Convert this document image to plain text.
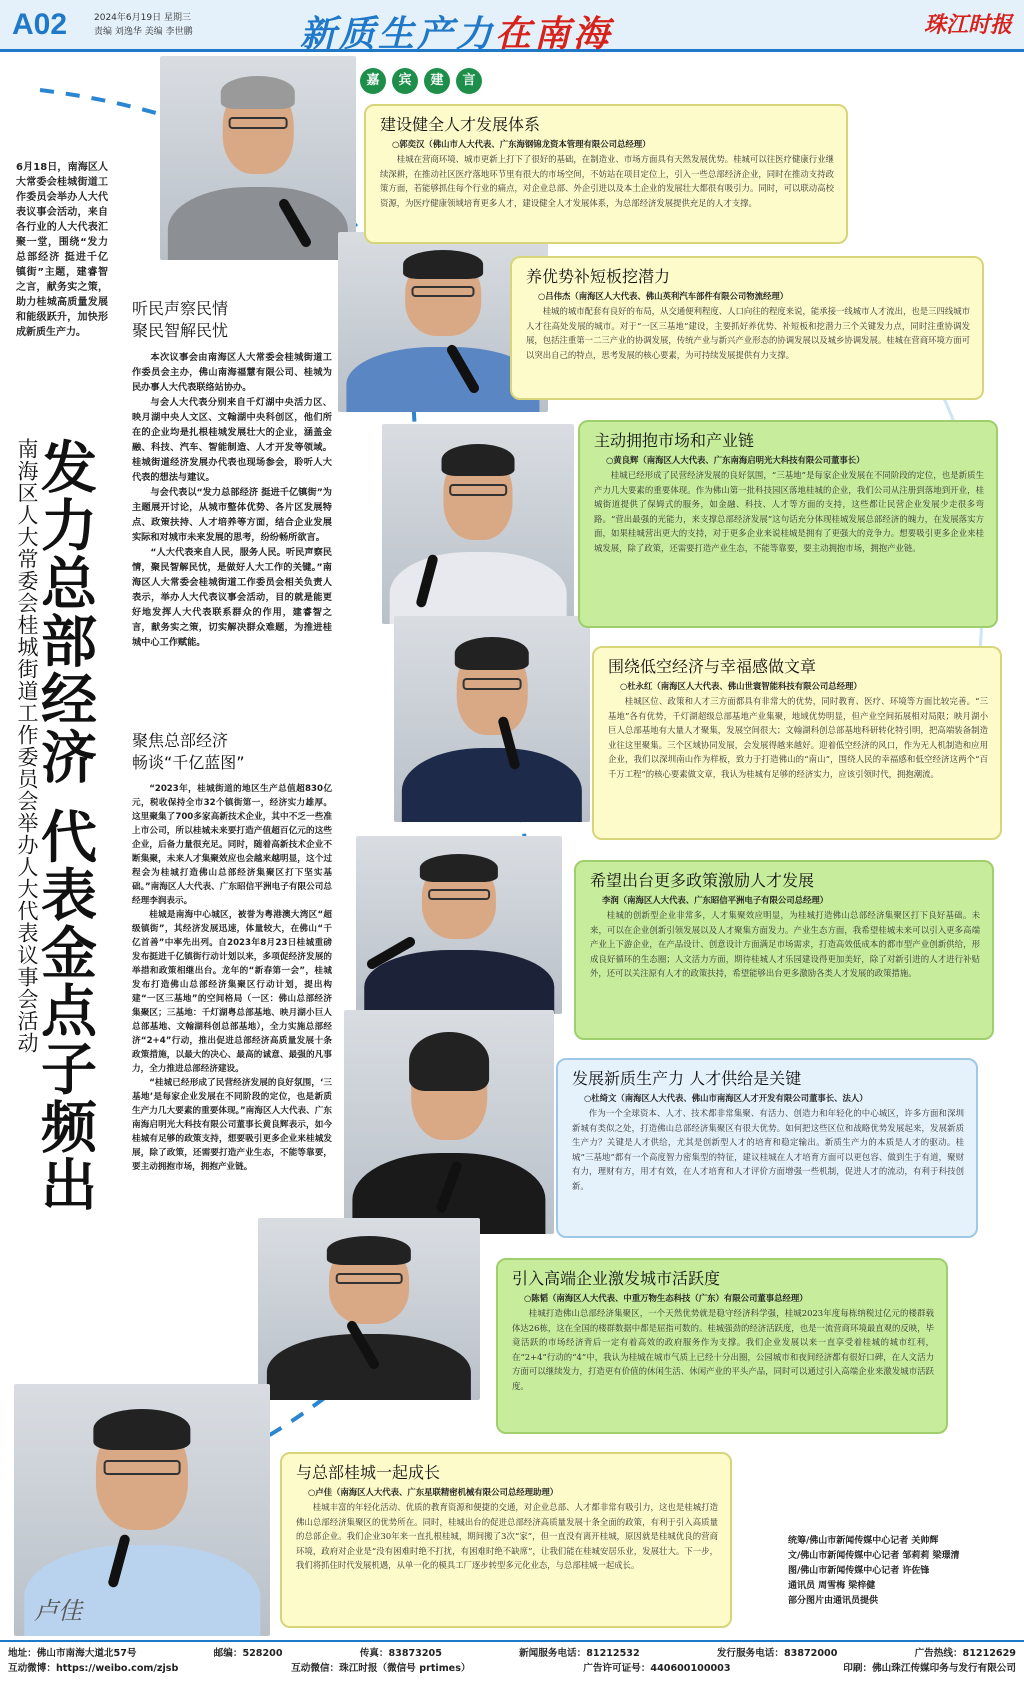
A02	2024年6月19日 星期三
责编 刘逸华 美编 李世鹏	新质生产力在南海	珠江时报
6月18日，南海区人大常委会桂城街道工作委员会举办人大代表议事会活动，来自各行业的人大代表汇聚一堂，围绕“发力总部经济 挺进千亿镇街”主题，建睿智之言，献务实之策，助力桂城高质量发展和能级跃升，加快形成新质生产力。
发力总部经济 代表金点子频出
南海区人大常委会桂城街道工作委员会举办人大代表议事会活动
听民声察民情
聚民智解民忧

本次议事会由南海区人大常委会桂城街道工作委员会主办，佛山南海福慧有限公司、桂城为民办事人大代表联络站协办。

与会人大代表分别来自千灯湖中央活力区、映月湖中央人文区、文翰湖中央科创区，他们所在的企业均是扎根桂城发展壮大的企业，涵盖金融、科技、汽车、智能制造、人才开发等领域。桂城街道经济发展办代表也现场参会，聆听人大代表的想法与建议。

与会代表以“发力总部经济 挺进千亿镇街”为主题展开讨论，从城市整体优势、各片区发展特点、政策扶持、人才培养等方面，结合企业发展实际和对城市未来发展的思考，纷纷畅所欲言。

“人大代表来自人民，服务人民。听民声察民情，聚民智解民忧，是做好人大工作的关键。”南海区人大常委会桂城街道工作委员会相关负责人表示，举办人大代表议事会活动，目的就是能更好地发挥人大代表联系群众的作用，建睿智之言，献务实之策，切实解决群众难题，为推进桂城中心工作赋能。

聚焦总部经济
畅谈“千亿蓝图”

“2023年，桂城街道的地区生产总值超830亿元，税收保持全市32个镇街第一，经济实力雄厚。这里聚集了700多家高新技术企业，其中不乏一些准上市公司，所以桂城未来要打造产值超百亿元的这些企业，后备力量很充足。同时，随着高新技术企业不断集聚，未来人才集聚效应也会越来越明显，这个过程会为桂城打造佛山总部经济集聚区打下坚实基础。”南海区人大代表、广东昭信平洲电子有限公司总经理李润表示。

桂城是南海中心城区，被誉为粤港澳大湾区“超级镇街”，其经济发展迅速，体量较大，在佛山“千亿首善”中率先出列。自2023年8月23日桂城重磅发布挺进千亿镇街行动计划以来，多项促经济发展的举措和政策相继出台。龙年的“新春第一会”，桂城发布打造佛山总部经济集聚区行动计划，提出构建“一区三基地”的空间格局（一区：佛山总部经济集聚区；三基地：千灯湖粤总部基地、映月湖小巨人总部基地、文翰湖科创总部基地），全力实施总部经济“2+4”行动，推出促进总部经济高质量发展十条政策措施，以最大的决心、最高的诚意、最强的凡事力，全力推进总部经济建设。

“桂城已经形成了民营经济发展的良好氛围，‘三基地’是每家企业发展在不同阶段的定位，也是新质生产力几大要素的重要体现。”南海区人大代表、广东南海启明光大科技有限公司董事长黄良辉表示，如今桂城有足够的政策支持，想要吸引更多企业来桂城发展，除了政策，还需要打造产业生态，不能等靠要，要主动拥抱市场，拥抱产业链。

嘉	宾	建	言
卢佳
建设健全人才发展体系
○郭奕汉（佛山市人大代表、广东海钢锦龙资本管理有限公司总经理）
桂城在营商环境、城市更新上打下了很好的基础，在制造业、市场方面具有天然发展优势。桂城可以往医疗健康行业继续深耕，在推动社区医疗落地环节里有很大的市场空间，不妨站在项目定位上，引入一些总部经济企业，同时在推动支持政策方面，若能够抓住每个行业的痛点，对企业总部、外企引进以及本土企业的发展壮大都很有吸引力。同时，可以联动高校资源，为医疗健康领域培育更多人才，建设健全人才发展体系，为总部经济发展提供充足的人才支撑。
养优势补短板挖潜力
○吕伟杰（南海区人大代表、佛山英利汽车部件有限公司物流经理）
桂城的城市配套有良好的布局，从交通便利程度、人口向往的程度来说，能承接一线城市人才流出，也是三四线城市人才往高处发展的城市。对于“一区三基地”建设，主要抓好养优势、补短板和挖潜力三个关键发力点，同时注重协调发展，包括注重第一二三产业的协调发展，传统产业与新兴产业形态的协调发展以及城乡协调发展。桂城在营商环境方面可以突出自己的特点，思考发展的核心要素，为可持续发展提供有力支撑。
主动拥抱市场和产业链
○黄良辉（南海区人大代表、广东南海启明光大科技有限公司董事长）
桂城已经形成了民营经济发展的良好氛围，“三基地”是每家企业发展在不同阶段的定位，也是新质生产力几大要素的重要体现。作为佛山第一批科技园区落地桂城的企业，我们公司从注册到落地到开业，桂城街道提供了保姆式的服务，如金融、科技、人才等方面的支持，这些都让民营企业发展少走很多弯路。“营出最强的光能力，来支撑总部经济发展”这句话充分体现桂城发展总部经济的魄力，在发展落实方面，如果桂城营出更大的支持，对于更多企业来说桂城是拥有了更强大的竞争力。想要吸引更多企业来桂城发展，除了政策，还需要打造产业生态，不能等靠要，要主动拥抱市场，拥抱产业链。
围绕低空经济与幸福感做文章
○杜永红（南海区人大代表、佛山世寰智能科技有限公司总经理）
桂城区位、政策和人才三方面都具有非常大的优势，同时教育、医疗、环境等方面比较完善。“三基地”各有优势，千灯湖超级总部基地产业集聚，地域优势明显，但产业空间拓展相对局限；映月湖小巨人总部基地有大量人才聚集，发展空间很大；文翰湖科创总部基地科研转化特引明，把高端装备制造业往这里聚集。三个区域协同发展，会发展得越来越好。迎着低空经济的风口，作为无人机制造和应用企业，我们以深圳南山作为样板，致力于打造佛山的“南山”，围绕人民的幸福感和低空经济这两个“百千万工程”的核心要素做文章，我认为桂城有足够的经济实力，应该引领时代，拥抱潮流。
希望出台更多政策激励人才发展
李润（南海区人大代表、广东昭信平洲电子有限公司总经理）
桂城的创新型企业非常多，人才集聚效应明显，为桂城打造佛山总部经济集聚区打下良好基础。未来，可以在企业创新引领发展以及人才聚集方面发力。产业生态方面，我希望桂城未来可以引入更多高端产业上下游企业，在产品设计、创意设计方面满足市场需求，打造高效低成本的都市型产业创新供给，形成良好循环的生态圈；人文活力方面，期待桂城人才乐园建设得更加美好，除了对新引进的人才进行补贴外，还可以关注原有人才的政策扶持，希望能够出台更多激励各类人才发展的政策措施。
发展新质生产力 人才供给是关键
○杜绮文（南海区人大代表、佛山市南海区人才开发有限公司董事长、法人）
作为一个全球资本、人才、技术都非常集聚、有活力、创造力和年轻化的中心城区，许多方面和深圳新城有类似之处，打造佛山总部经济集聚区有很大优势。如何把这些区位和战略优势发展起来，发展新质生产力？关键是人才供给，尤其是创新型人才的培育和稳定输出。新质生产力的本质是人才的驱动。桂城“三基地”都有一个高度智力密集型的特征，建议桂城在人才培育方面可以更包容、做到生于有道，聚财有力，理财有方，用才有效，在人才培育和人才评价方面增强一些机制，促进人才的流动，有利于科技创新。
引入高端企业激发城市活跃度
○陈韬（南海区人大代表、中重万物生态科技（广东）有限公司董事总经理）
桂城打造佛山总部经济集聚区，一个天然优势就是稳守经济科学强，桂城2023年度每栋纳税过亿元的楼群载体达26栋，这在全国的楼群数据中都是屈指可数的。桂城强劲的经济活跃度，也是一流营商环境最直观的反映，毕竟活跃的市场经济背后一定有着高效的政府服务作为支撑。我们企业发展以来一直享受着桂城的城市红利，在“2+4”行动的“4”中，我认为桂城在城市气质上已经十分出圈，公园城市和夜间经济都有很好口碑，在人文活力方面可以继续发力，打造更有价值的休闲生活、休闲产业的平头产品，同时可以通过引入高端企业来激发城市活跃度。
与总部桂城一起成长
○卢佳（南海区人大代表、广东星联精密机械有限公司总经理助理）
桂城丰富的年轻化活动、优质的教育资源和便捷的交通，对企业总部、人才都非常有吸引力，这也是桂城打造佛山总部经济集聚区的优势所在。同时，桂城出台的促进总部经济高质量发展十条全面的政策，有利于引入高质量的总部企业。我们企业30年来一直扎根桂城，期间搬了3次“家”，但一直没有离开桂城，原因就是桂城优良的营商环境，政府对企业是“没有困难时绝不打扰，有困难时绝不缺席”，让我们能在桂城安居乐业，发展壮大。下一步，我们将抓住时代发展机遇，从单一化的模具工厂逐步转型多元化业态，与总部桂城一起成长。
统筹/佛山市新闻传媒中心记者 关帅辉
文/佛山市新闻传媒中心记者 邹莉莉 梁璟清
图/佛山市新闻传媒中心记者 许佐锋
通讯员 周雪梅 梁梓健
部分图片由通讯员提供
地址：佛山市南海大道北57号	邮编：528200	传真：83873205	新闻服务电话：81212532	发行服务电话：83872000	广告热线：81212629
互动微博：https://weibo.com/zjsb	互动微信：珠江时报（微信号 prtimes）	广告许可证号：440600100003	印刷：佛山珠江传媒印务与发行有限公司
